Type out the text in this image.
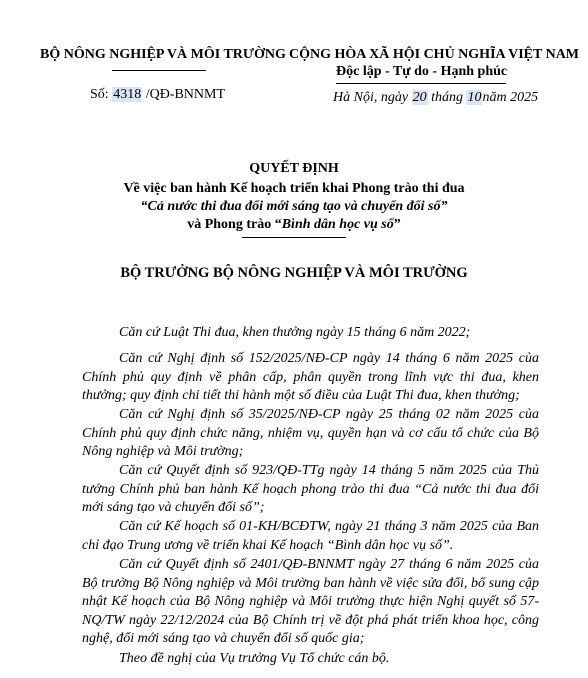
BỘ NÔNG NGHIỆP VÀ MÔI TRƯỜNG
Số: 4318 /QĐ-BNNMT
CỘNG HÒA XÃ HỘI CHỦ NGHĨA VIỆT NAM
Độc lập - Tự do - Hạnh phúc
Hà Nội, ngày 20 tháng 10năm 2025
QUYẾT ĐỊNH
Về việc ban hành Kế hoạch triển khai Phong trào thi đua
“Cả nước thi đua đổi mới sáng tạo và chuyển đổi số”
và Phong trào “Bình dân học vụ số”
BỘ TRƯỞNG BỘ NÔNG NGHIỆP VÀ MÔI TRƯỜNG
Căn cứ Luật Thi đua, khen thưởng ngày 15 tháng 6 năm 2022;
Căn cứ Nghị định số 152/2025/NĐ-CP ngày 14 tháng 6 năm 2025 của Chính phủ quy định về phân cấp, phân quyền trong lĩnh vực thi đua, khen thưởng; quy định chi tiết thi hành một số điều của Luật Thi đua, khen thưởng;
Căn cứ Nghị định số 35/2025/NĐ-CP ngày 25 tháng 02 năm 2025 của Chính phủ quy định chức năng, nhiệm vụ, quyền hạn và cơ cấu tổ chức của Bộ Nông nghiệp và Môi trường;
Căn cứ Quyết định số 923/QĐ-TTg ngày 14 tháng 5 năm 2025 của Thủ tướng Chính phủ ban hành Kế hoạch phong trào thi đua “Cả nước thi đua đổi mới sáng tạo và chuyển đổi số”;
Căn cứ Kế hoạch số 01-KH/BCĐTW, ngày 21 tháng 3 năm 2025 của Ban chỉ đạo Trung ương về triển khai Kế hoạch “Bình dân học vụ số”.
Căn cứ Quyết định số 2401/QĐ-BNNMT ngày 27 tháng 6 năm 2025 của Bộ trưởng Bộ Nông nghiệp và Môi trường ban hành về việc sửa đổi, bổ sung cập nhật Kế hoạch của Bộ Nông nghiệp và Môi trường thực hiện Nghị quyết số 57-NQ/TW ngày 22/12/2024 của Bộ Chính trị về đột phá phát triển khoa học, công nghệ, đổi mới sáng tạo và chuyển đổi số quốc gia;
Theo đề nghị của Vụ trưởng Vụ Tổ chức cán bộ.
